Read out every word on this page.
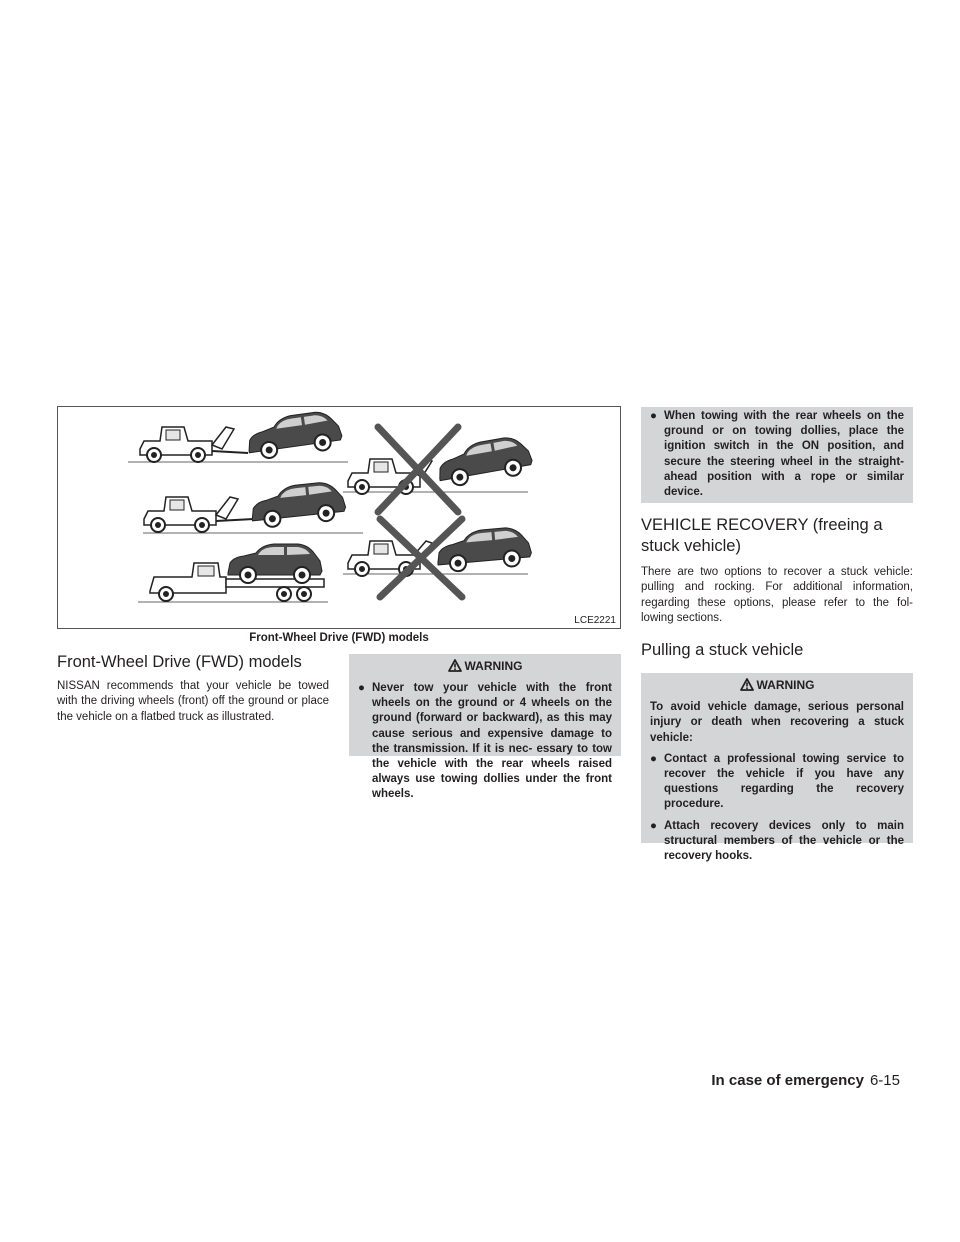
LCE2221
Front-Wheel Drive (FWD) models
Front-Wheel Drive (FWD) models

NISSAN recommends that your vehicle be towed with the driving wheels (front) off the ground or place the vehicle on a flatbed truck as illustrated.

WARNING
● Never tow your vehicle with the front wheels on the ground or 4 wheels on the ground (forward or backward), as this may cause serious and expensive damage to the transmission. If it is nec- essary to tow the vehicle with the rear wheels raised always use towing dollies under the front wheels.
● When towing with the rear wheels on the ground or on towing dollies, place the ignition switch in the ON position, and secure the steering wheel in the straight-ahead position with a rope or similar device.
VEHICLE RECOVERY (freeing a stuck vehicle)

There are two options to recover a stuck vehicle: pulling and rocking. For additional information, regarding these options, please refer to the fol- lowing sections.

Pulling a stuck vehicle
WARNING

To avoid vehicle damage, serious personal injury or death when recovering a stuck vehicle:

● Contact a professional towing service to recover the vehicle if you have any questions regarding the recovery procedure.
● Attach recovery devices only to main structural members of the vehicle or the recovery hooks.
In case of emergency 6-15
